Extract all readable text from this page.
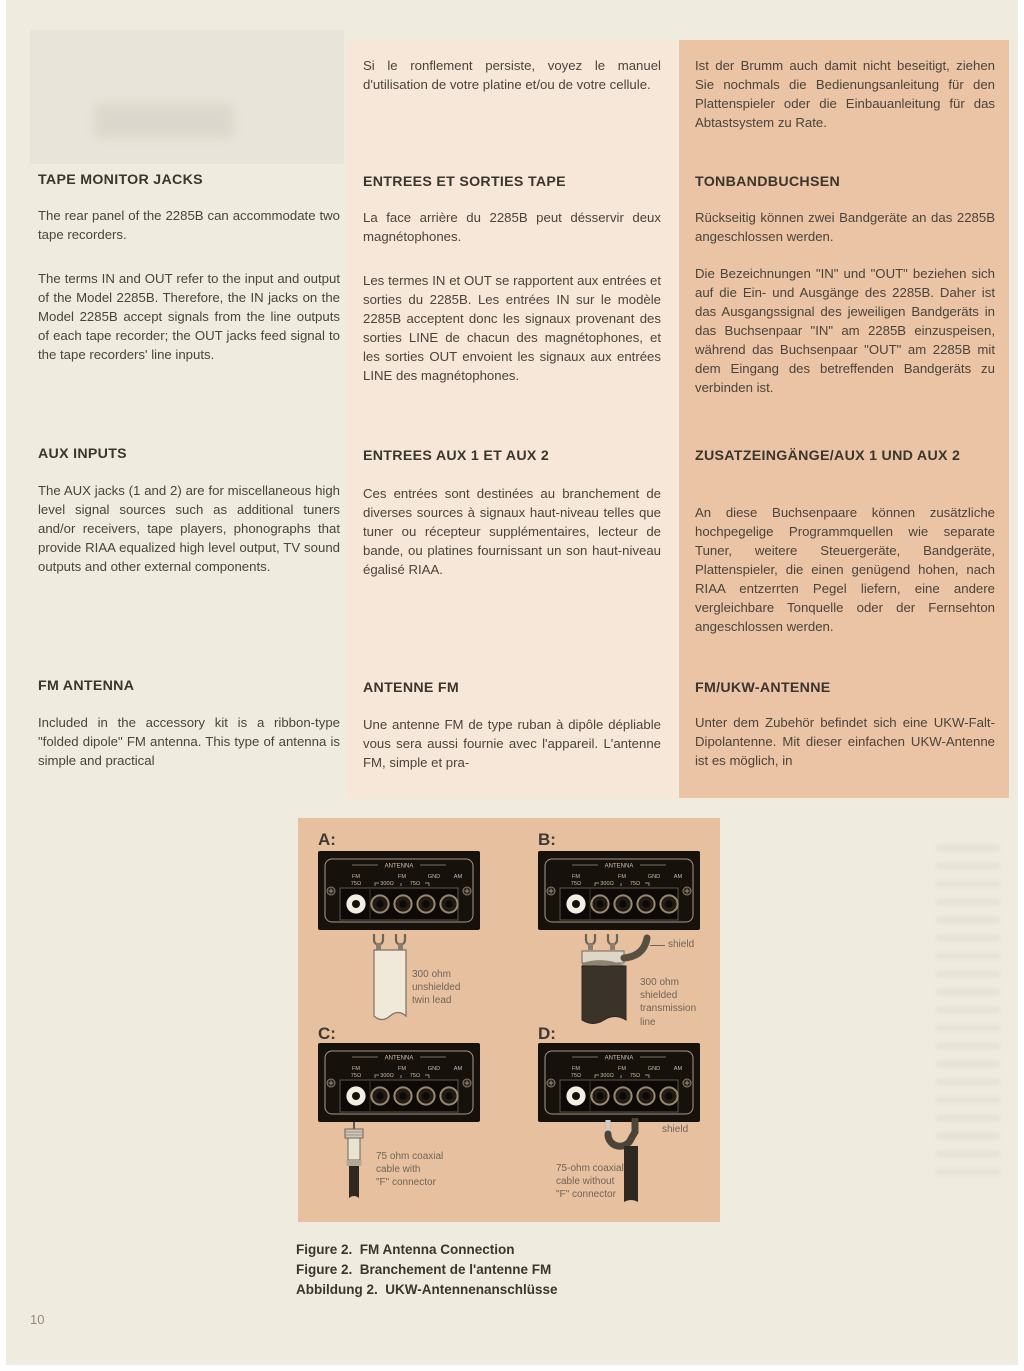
Si le ronflement persiste, voyez le manuel d'utilisation de votre platine et/ou de votre cellule.
Ist der Brumm auch damit nicht beseitigt, ziehen Sie nochmals die Bedienungsanleitung für den Plattenspieler oder die Einbauanleitung für das Abtastsystem zu Rate.
TAPE MONITOR JACKS
The rear panel of the 2285B can accommodate two tape recorders.
The terms IN and OUT refer to the input and output of the Model 2285B. Therefore, the IN jacks on the Model 2285B accept signals from the line outputs of each tape recorder; the OUT jacks feed signal to the tape recorders' line inputs.
ENTREES ET SORTIES TAPE
La face arrière du 2285B peut désservir deux magnétophones.
Les termes IN et OUT se rapportent aux entrées et sorties du 2285B. Les entrées IN sur le modèle 2285B acceptent donc les signaux provenant des sorties LINE de chacun des magnétophones, et les sorties OUT envoient les signaux aux entrées LINE des magnétophones.
TONBANDBUCHSEN
Rückseitig können zwei Bandgeräte an das 2285B angeschlossen werden.
Die Bezeichnungen "IN" und "OUT" beziehen sich auf die Ein- und Ausgänge des 2285B. Daher ist das Ausgangssignal des jeweiligen Bandgeräts in das Buchsenpaar "IN" am 2285B einzuspeisen, während das Buchsenpaar "OUT" am 2285B mit dem Eingang des betreffenden Bandgeräts zu verbinden ist.
AUX INPUTS
The AUX jacks (1 and 2) are for miscellaneous high level signal sources such as additional tuners and/or receivers, tape players, phonographs that provide RIAA equalized high level output, TV sound outputs and other external components.
ENTREES AUX 1 ET AUX 2
Ces entrées sont destinées au branchement de diverses sources à signaux haut-niveau telles que tuner ou récepteur supplémentaires, lecteur de bande, ou platines fournissant un son haut-niveau égalisé RIAA.
ZUSATZEINGÄNGE/AUX 1 UND AUX 2
An diese Buchsenpaare können zusätzliche hochpegelige Programmquellen wie separate Tuner, weitere Steuergeräte, Bandgeräte, Plattenspieler, die einen genügend hohen, nach RIAA entzerrten Pegel liefern, eine andere vergleichbare Tonquelle oder der Fernsehton angeschlossen werden.
FM ANTENNA
Included in the accessory kit is a ribbon-type "folded dipole" FM antenna. This type of antenna is simple and practical
ANTENNE FM
Une antenne FM de type ruban à dipôle dépliable vous sera aussi fournie avec l'appareil. L'antenne FM, simple et pra-
FM/UKW-ANTENNE
Unter dem Zubehör befindet sich eine UKW-Falt-Dipolantenne. Mit dieser einfachen UKW-Antenne ist es möglich, in
A:
300 ohm
unshielded
twin lead
B:
shield
300 ohm
shielded
transmission
line
C:
75 ohm coaxial
cable with
"F" connector
D:
shield
75-ohm coaxial
cable without
"F" connector
Figure 2.  FM Antenna Connection
Figure 2.  Branchement de l'antenne FM
Abbildung 2.  UKW-Antennenanschlüsse
10
